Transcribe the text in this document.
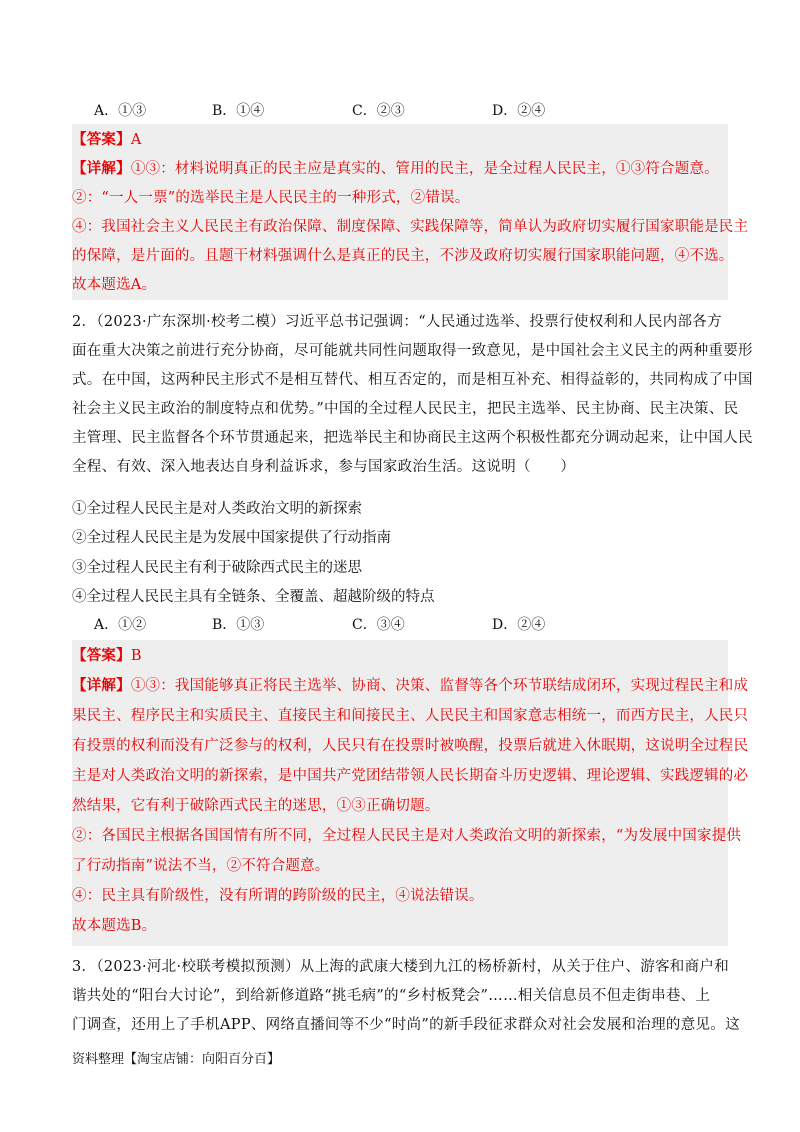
A．①③	B．①④	C．②③	D．②④
【答案】A
【详解】①③：材料说明真正的民主应是真实的、管用的民主，是全过程人民民主，①③符合题意。
②：“一人一票”的选举民主是人民民主的一种形式，②错误。
④：我国社会主义人民民主有政治保障、制度保障、实践保障等，简单认为政府切实履行国家职能是民主
的保障，是片面的。且题干材料强调什么是真正的民主，不涉及政府切实履行国家职能问题，④不选。
故本题选A。
2．（2023·广东深圳·校考二模）习近平总书记强调：“人民通过选举、投票行使权利和人民内部各方
面在重大决策之前进行充分协商，尽可能就共同性问题取得一致意见，是中国社会主义民主的两种重要形
式。在中国，这两种民主形式不是相互替代、相互否定的，而是相互补充、相得益彰的，共同构成了中国
社会主义民主政治的制度特点和优势。”中国的全过程人民民主，把民主选举、民主协商、民主决策、民
主管理、民主监督各个环节贯通起来，把选举民主和协商民主这两个积极性都充分调动起来，让中国人民
全程、有效、深入地表达自身利益诉求，参与国家政治生活。这说明（　　）
①全过程人民民主是对人类政治文明的新探索
②全过程人民民主是为发展中国家提供了行动指南
③全过程人民民主有利于破除西式民主的迷思
④全过程人民民主具有全链条、全覆盖、超越阶级的特点
A．①②	B．①③	C．③④	D．②④
【答案】B
【详解】①③：我国能够真正将民主选举、协商、决策、监督等各个环节联结成闭环，实现过程民主和成
果民主、程序民主和实质民主、直接民主和间接民主、人民民主和国家意志相统一，而西方民主，人民只
有投票的权利而没有广泛参与的权利，人民只有在投票时被唤醒，投票后就进入休眠期，这说明全过程民
主是对人类政治文明的新探索，是中国共产党团结带领人民长期奋斗历史逻辑、理论逻辑、实践逻辑的必
然结果，它有利于破除西式民主的迷思，①③正确切题。
②：各国民主根据各国国情有所不同，全过程人民民主是对人类政治文明的新探索，“为发展中国家提供
了行动指南”说法不当，②不符合题意。
④：民主具有阶级性，没有所谓的跨阶级的民主，④说法错误。
故本题选B。
3．（2023·河北·校联考模拟预测）从上海的武康大楼到九江的杨桥新村，从关于住户、游客和商户和
谐共处的“阳台大讨论”，到给新修道路“挑毛病”的“乡村板凳会”……相关信息员不但走街串巷、上
门调查，还用上了手机APP、网络直播间等不少“时尚”的新手段征求群众对社会发展和治理的意见。这
资料整理【淘宝店铺：向阳百分百】
